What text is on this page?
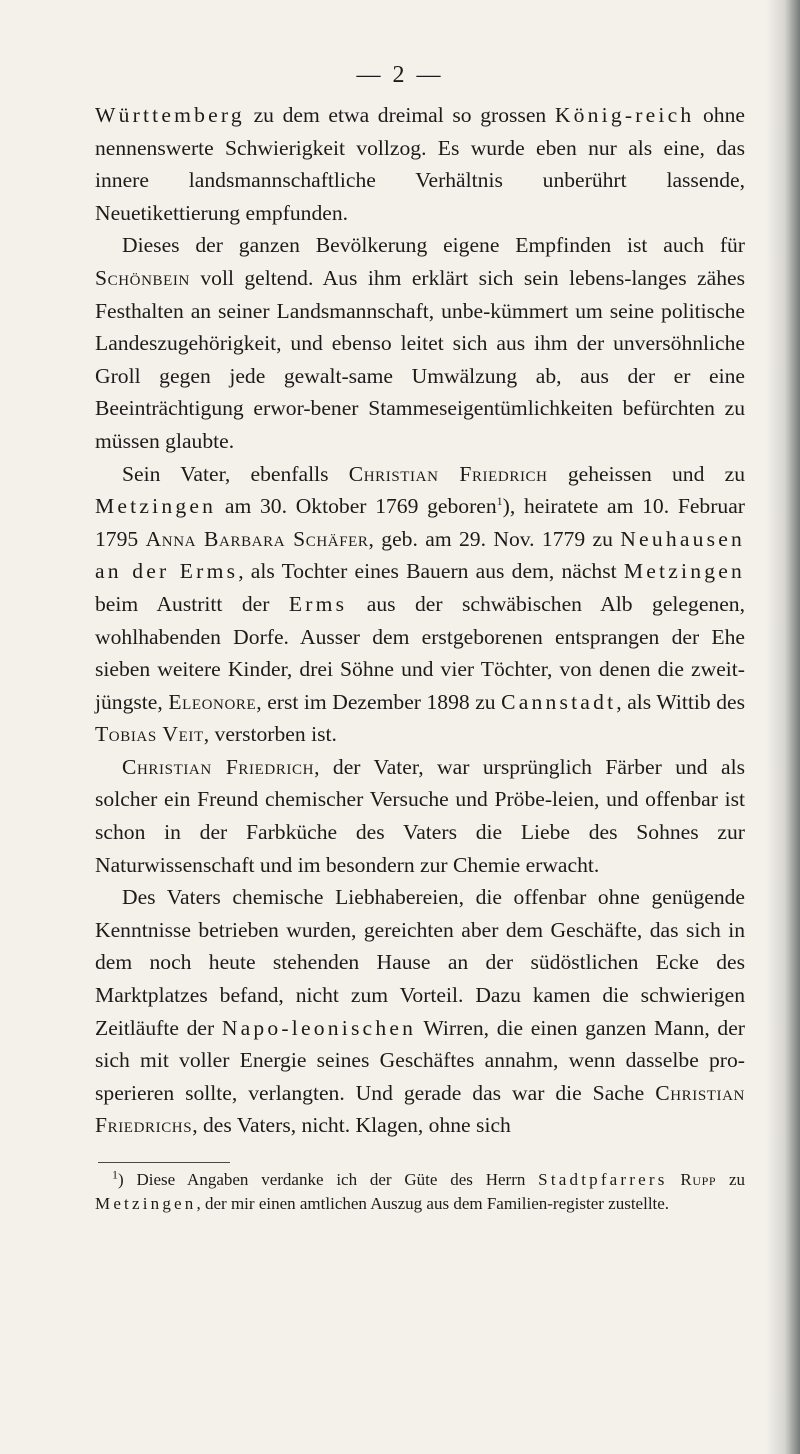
— 2 —

Württemberg zu dem etwa dreimal so grossen König-reich ohne nennenswerte Schwierigkeit vollzog. Es wurde eben nur als eine, das innere landsmannschaftliche Verhältnis unberührt lassende, Neuetikettierung empfunden.

Dieses der ganzen Bevölkerung eigene Empfinden ist auch für Schönbein voll geltend. Aus ihm erklärt sich sein lebens-langes zähes Festhalten an seiner Landsmannschaft, unbe-kümmert um seine politische Landeszugehörigkeit, und ebenso leitet sich aus ihm der unversöhnliche Groll gegen jede gewalt-same Umwälzung ab, aus der er eine Beeinträchtigung erwor-bener Stammeseigentümlichkeiten befürchten zu müssen glaubte.

Sein Vater, ebenfalls Christian Friedrich geheissen und zu Metzingen am 30. Oktober 1769 geboren$^1$), heiratete am 10. Februar 1795 Anna Barbara Schäfer, geb. am 29. Nov. 1779 zu Neuhausen an der Erms, als Tochter eines Bauern aus dem, nächst Metzingen beim Austritt der Erms aus der schwäbischen Alb gelegenen, wohlhabenden Dorfe. Ausser dem erstgeborenen entsprangen der Ehe sieben weitere Kinder, drei Söhne und vier Töchter, von denen die zweit-jüngste, Eleonore, erst im Dezember 1898 zu Cannstadt, als Wittib des Tobias Veit, verstorben ist.

Christian Friedrich, der Vater, war ursprünglich Färber und als solcher ein Freund chemischer Versuche und Pröbe-leien, und offenbar ist schon in der Farbküche des Vaters die Liebe des Sohnes zur Naturwissenschaft und im besondern zur Chemie erwacht.

Des Vaters chemische Liebhabereien, die offenbar ohne genügende Kenntnisse betrieben wurden, gereichten aber dem Geschäfte, das sich in dem noch heute stehenden Hause an der südöstlichen Ecke des Marktplatzes befand, nicht zum Vorteil. Dazu kamen die schwierigen Zeitläufte der Napo-leonischen Wirren, die einen ganzen Mann, der sich mit voller Energie seines Geschäftes annahm, wenn dasselbe pro-sperieren sollte, verlangten. Und gerade das war die Sache Christian Friedrichs, des Vaters, nicht. Klagen, ohne sich

$^1$) Diese Angaben verdanke ich der Güte des Herrn Stadtpfarrers Rupp zu Metzingen, der mir einen amtlichen Auszug aus dem Familien-register zustellte.
